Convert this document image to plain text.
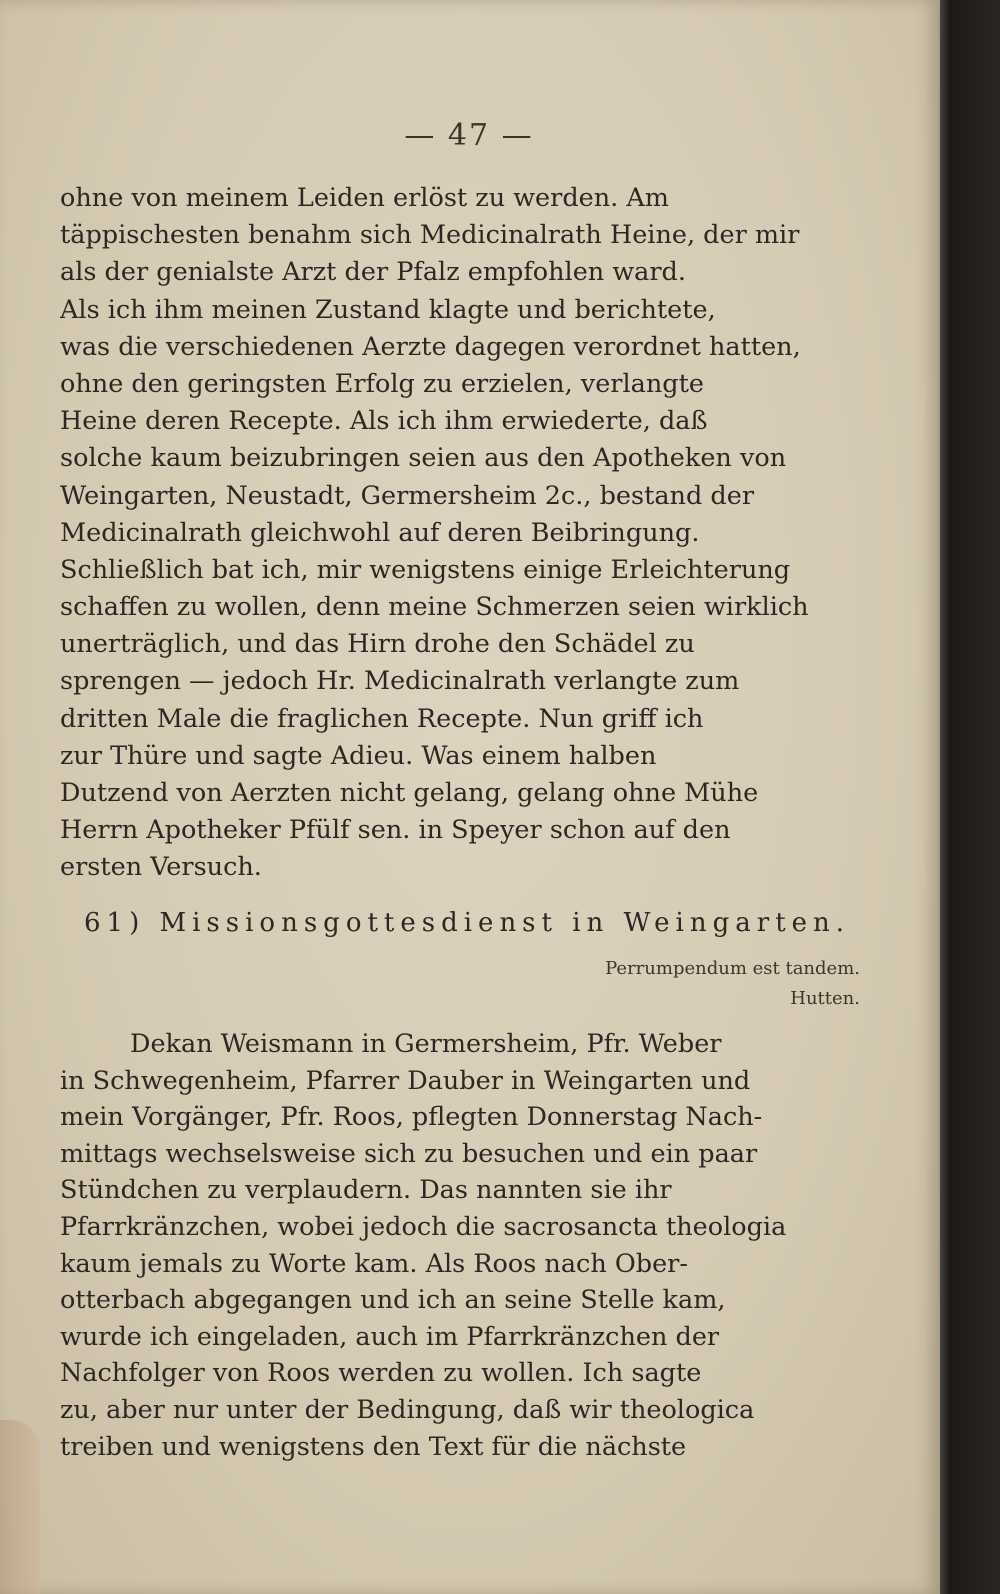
— 47 —
ohne von meinem Leiden erlöst zu werden. Am
täppischesten benahm sich Medicinalrath Heine, der mir
als der genialste Arzt der Pfalz empfohlen ward.
Als ich ihm meinen Zustand klagte und berichtete,
was die verschiedenen Aerzte dagegen verordnet hatten,
ohne den geringsten Erfolg zu erzielen, verlangte
Heine deren Recepte. Als ich ihm erwiederte, daß
solche kaum beizubringen seien aus den Apotheken von
Weingarten, Neustadt, Germersheim 2c., bestand der
Medicinalrath gleichwohl auf deren Beibringung.
Schließlich bat ich, mir wenigstens einige Erleichterung
schaffen zu wollen, denn meine Schmerzen seien wirklich
unerträglich, und das Hirn drohe den Schädel zu
sprengen — jedoch Hr. Medicinalrath verlangte zum
dritten Male die fraglichen Recepte. Nun griff ich
zur Thüre und sagte Adieu. Was einem halben
Dutzend von Aerzten nicht gelang, gelang ohne Mühe
Herrn Apotheker Pfülf sen. in Speyer schon auf den
ersten Versuch.
61) Missionsgottesdienst in Weingarten.
Perrumpendum est tandem.
Hutten.
Dekan Weismann in Germersheim, Pfr. Weber
in Schwegenheim, Pfarrer Dauber in Weingarten und
mein Vorgänger, Pfr. Roos, pflegten Donnerstag Nach-
mittags wechselsweise sich zu besuchen und ein paar
Stündchen zu verplaudern. Das nannten sie ihr
Pfarrkränzchen, wobei jedoch die sacrosancta theologia
kaum jemals zu Worte kam. Als Roos nach Ober-
otterbach abgegangen und ich an seine Stelle kam,
wurde ich eingeladen, auch im Pfarrkränzchen der
Nachfolger von Roos werden zu wollen. Ich sagte
zu, aber nur unter der Bedingung, daß wir theologica
treiben und wenigstens den Text für die nächste
